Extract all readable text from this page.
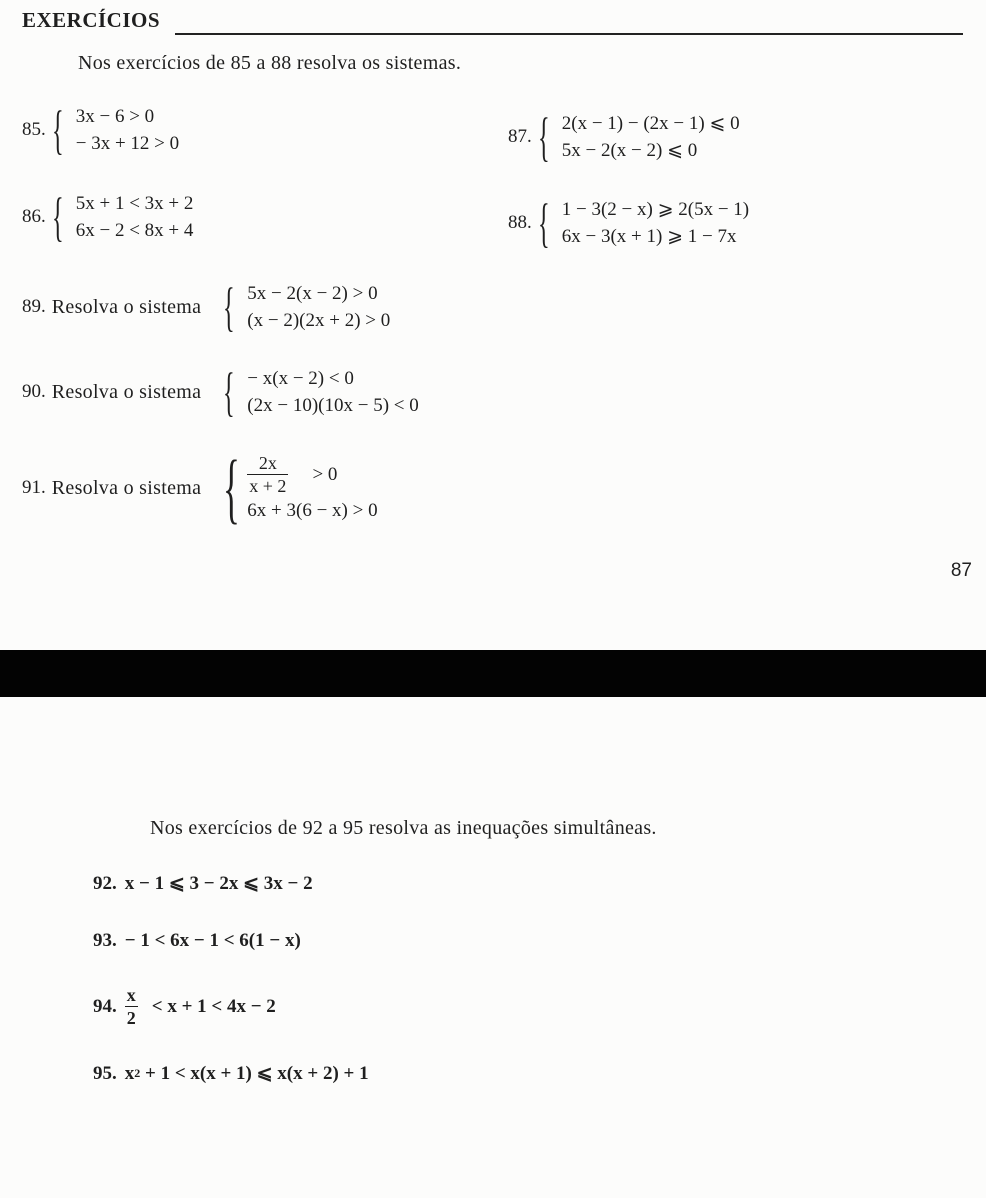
EXERCÍCIOS
Nos exercícios de 85 a 88 resolva os sistemas.
85. { 3x − 6 > 0
− 3x + 12 > 0
86. { 5x + 1 < 3x + 2
6x − 2 < 8x + 4
87. { 2(x − 1) − (2x − 1) ⩽ 0
5x − 2(x − 2) ⩽ 0
88. { 1 − 3(2 − x) ⩾ 2(5x − 1)
6x − 3(x + 1) ⩾ 1 − 7x
89. Resolva o sistema { 5x − 2(x − 2) > 0
(x − 2)(2x + 2) > 0
90. Resolva o sistema { − x(x − 2) < 0
(2x − 10)(10x − 5) < 0
91. Resolva o sistema { $\frac{2x}{x + 2} > 0$
6x + 3(6 − x) > 0
87
Nos exercícios de 92 a 95 resolva as inequações simultâneas.
92. x − 1 ⩽ 3 − 2x ⩽ 3x − 2
93. − 1 < 6x − 1 < 6(1 − x)
94. $\frac{x}{2} < x + 1 < 4x - 2$
95. x 2 + 1 < x(x + 1) ⩽ x(x + 2) + 1
